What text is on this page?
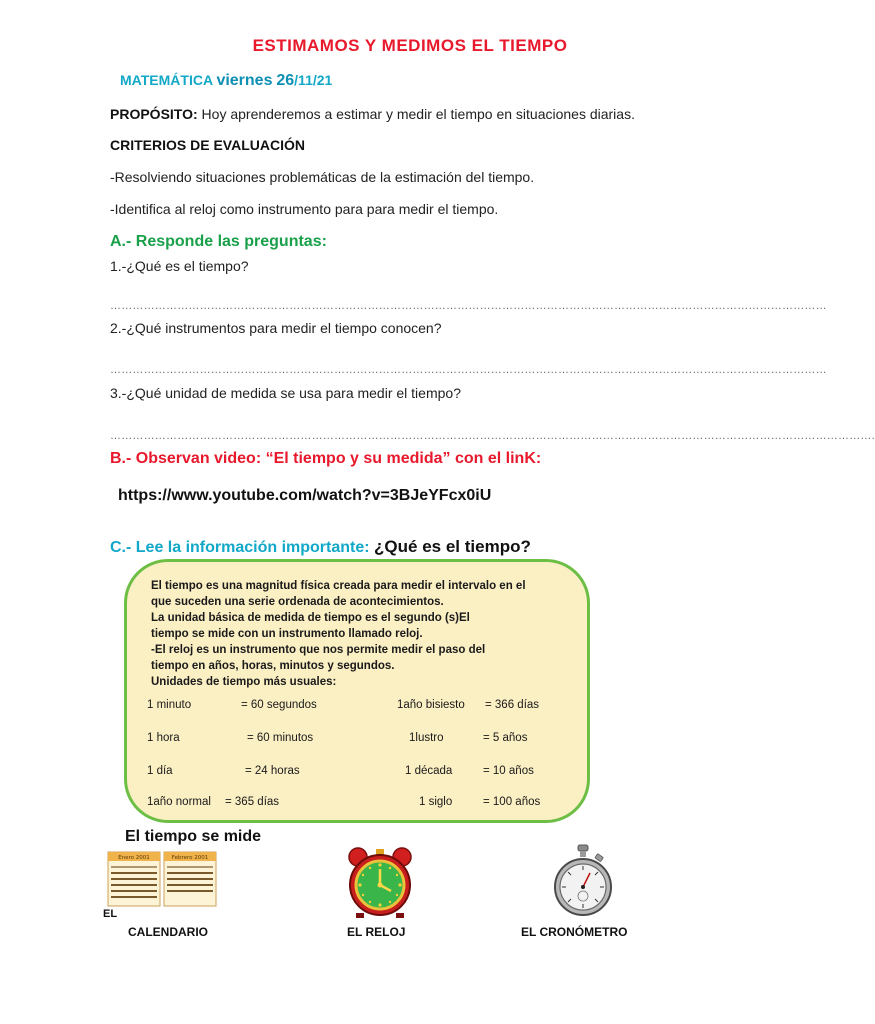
ESTIMAMOS Y MEDIMOS EL TIEMPO
MATEMÁTICA viernes 26/11/21
PROPÓSITO: Hoy aprenderemos a estimar y medir el tiempo en situaciones diarias.
CRITERIOS DE EVALUACIÓN
-Resolviendo situaciones problemáticas de la estimación del tiempo.
-Identifica al reloj como instrumento para para medir el tiempo.
A.- Responde las preguntas:
1.-¿Qué es el tiempo?
…………………………………………………………………………………………………………………………………………………………………………
2.-¿Qué instrumentos para medir el tiempo conocen?
…………………………………………………………………………………………………………………………………………………………………………
3.-¿Qué unidad de medida se usa para medir el tiempo?
…………………………………………………………………………………………………………………………………………………………………………………….
B.- Observan video: “El tiempo y su medida” con el linK:
https://www.youtube.com/watch?v=3BJeYFcx0iU
C.- Lee la información importante: ¿Qué es el tiempo?
El tiempo es una magnitud física creada para medir el intervalo en el
que suceden una serie ordenada de acontecimientos.
La unidad básica de medida de tiempo es el segundo (s)El
tiempo se mide con un instrumento llamado reloj.
-El reloj es un instrumento que nos permite medir el paso del
tiempo en años, horas, minutos y segundos.
Unidades de tiempo más usuales:
1 minuto	= 60 segundos	1año bisiesto = 366 días
1 hora	= 60 minutos	1lustro	= 5 años
1 día	= 24 horas	1 década	= 10 años
1año normal = 365 días	1 siglo	= 100 años
El tiempo se mide
Enero 2001	Febrero 2001
EL
CALENDARIO	EL RELOJ	EL CRONÓMETRO
